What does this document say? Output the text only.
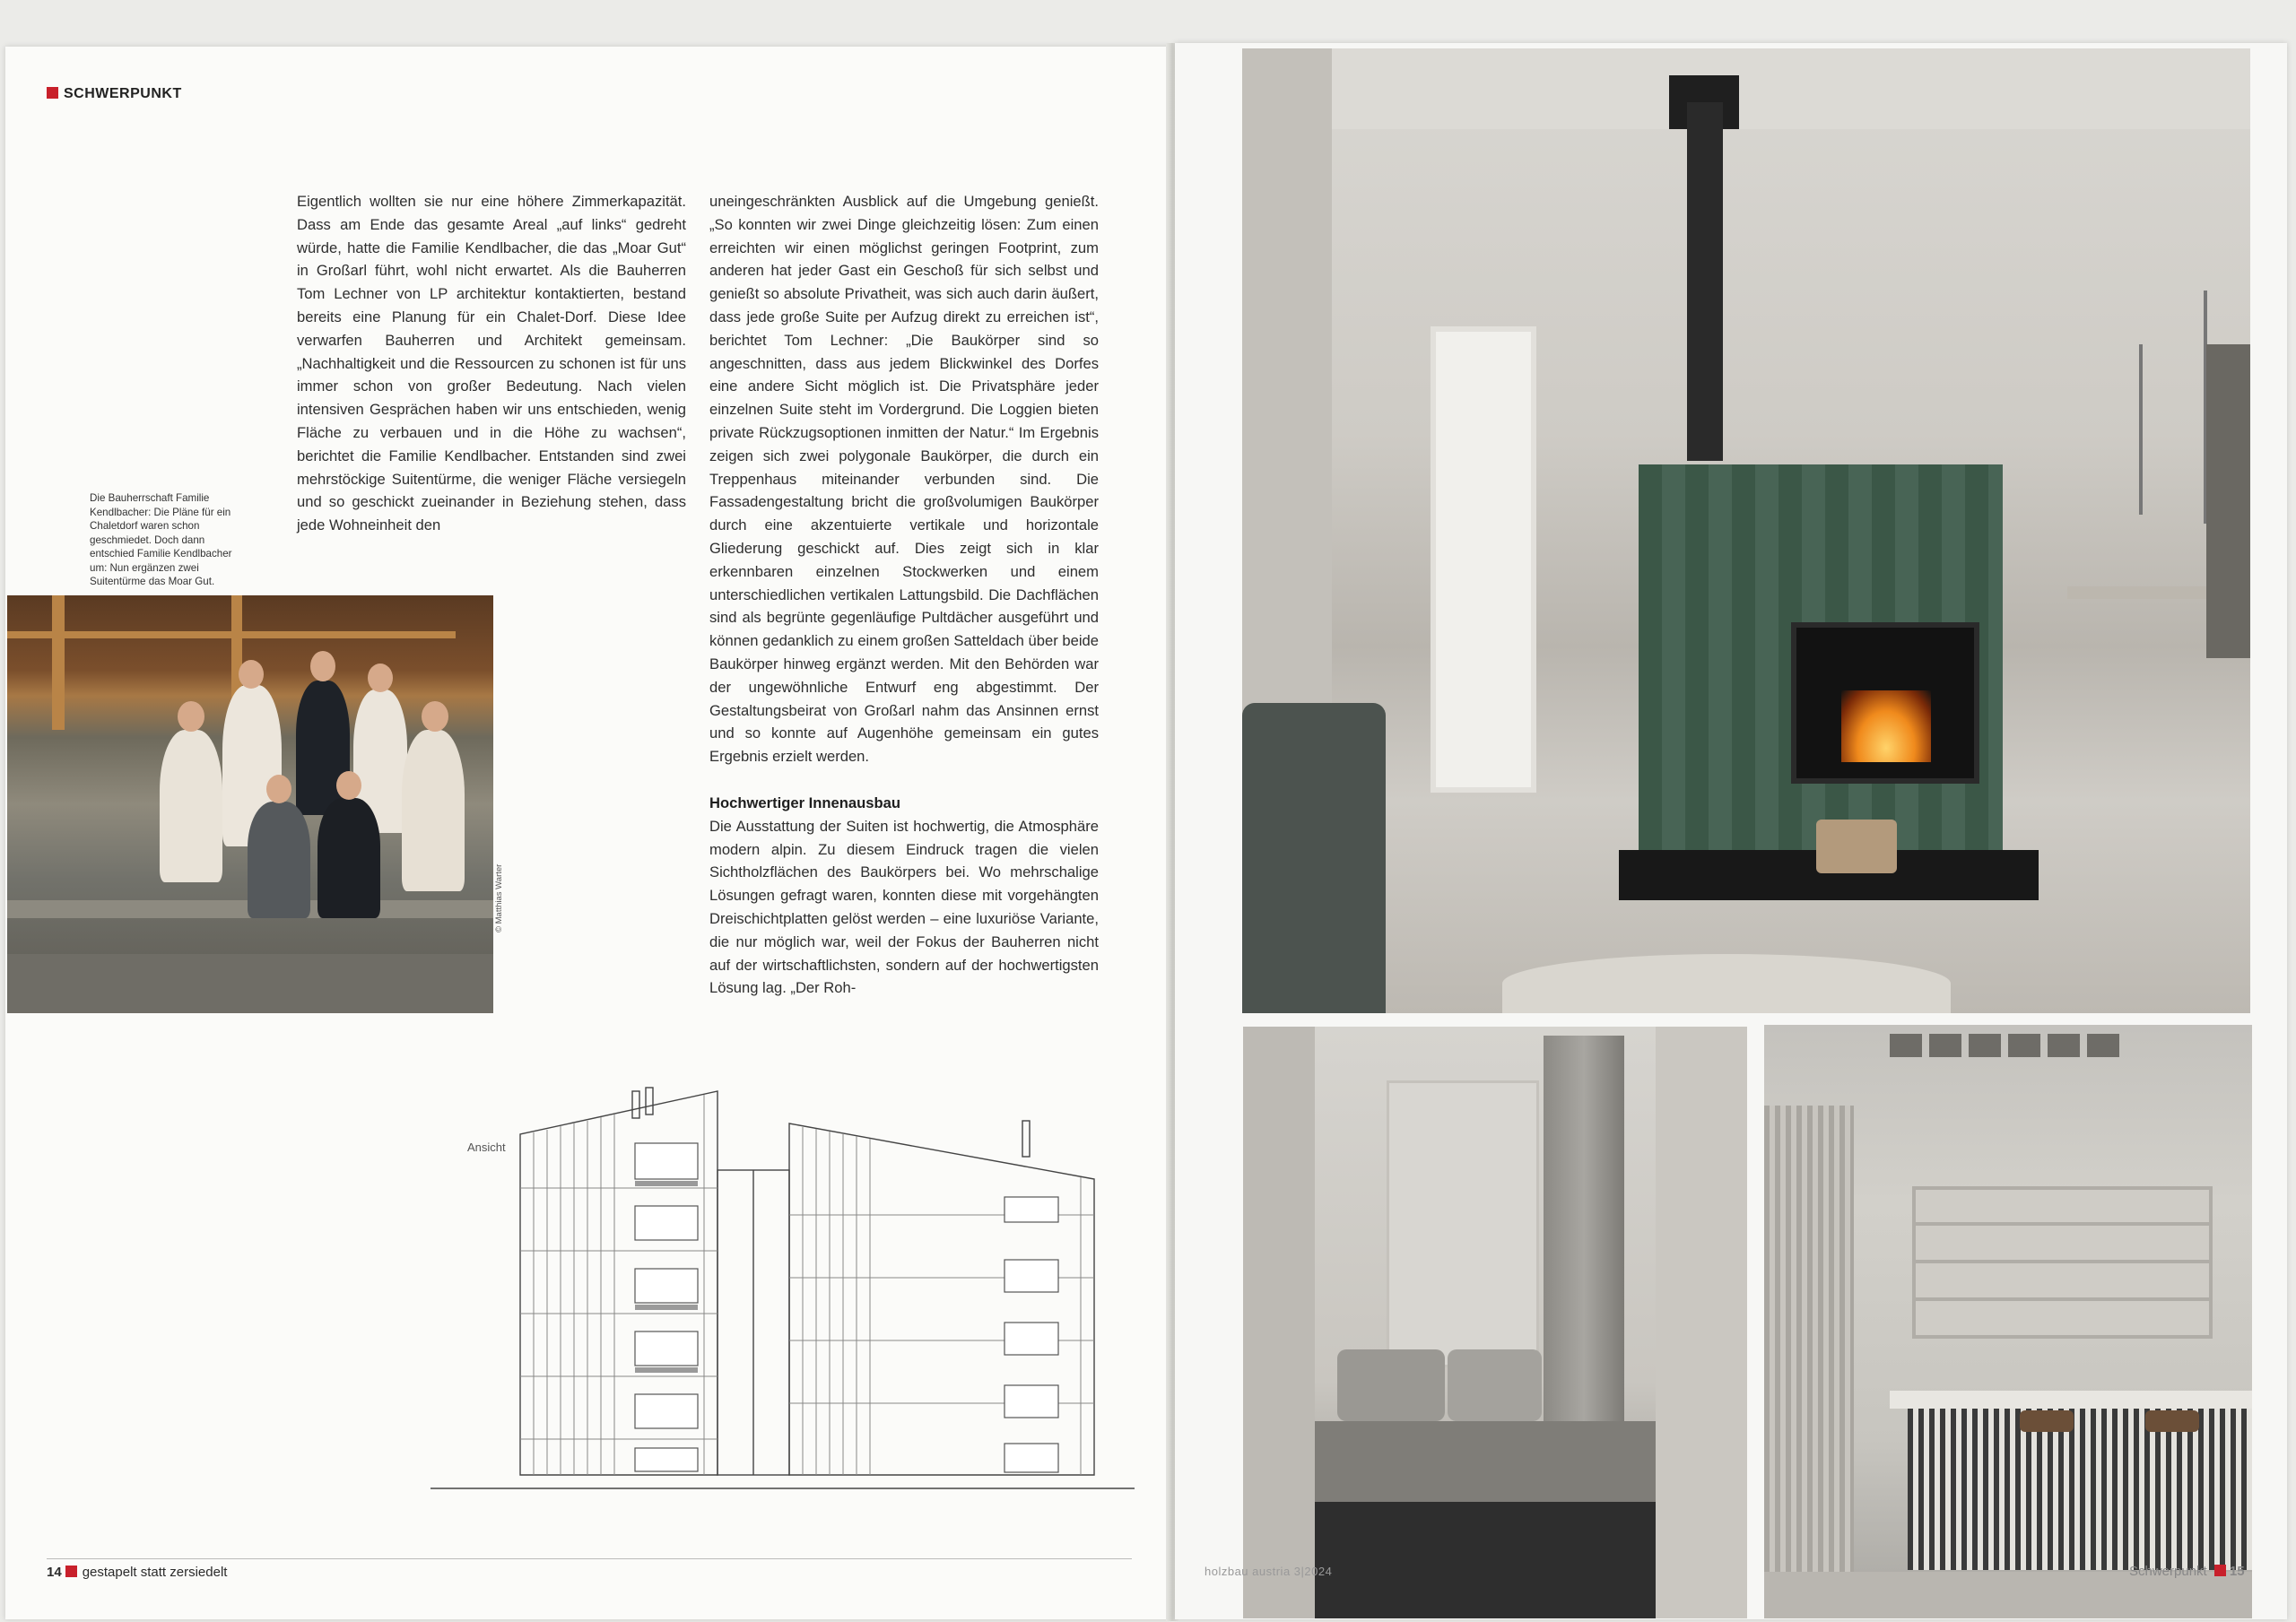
SCHWERPUNKT

Eigentlich wollten sie nur eine höhere Zimmerkapazität. Dass am Ende das gesamte Areal „auf links“ gedreht würde, hatte die Familie Kendlbacher, die das „Moar Gut“ in Großarl führt, wohl nicht erwartet. Als die Bauherren Tom Lechner von LP architektur kontaktierten, bestand bereits eine Planung für ein Chalet-Dorf. Diese Idee verwarfen Bauherren und Architekt gemeinsam. „Nachhaltigkeit und die Ressourcen zu schonen ist für uns immer schon von großer Bedeutung. Nach vielen intensiven Gesprächen haben wir uns entschieden, wenig Fläche zu verbauen und in die Höhe zu wachsen“, berichtet die Familie Kendlbacher. Entstanden sind zwei mehrstöckige Suitentürme, die weniger Fläche versiegeln und so geschickt zueinander in Beziehung stehen, dass jede Wohneinheit den

uneingeschränkten Ausblick auf die Umgebung genießt. „So konnten wir zwei Dinge gleichzeitig lösen: Zum einen erreichten wir einen möglichst geringen Footprint, zum anderen hat jeder Gast ein Geschoß für sich selbst und genießt so absolute Privatheit, was sich auch darin äußert, dass jede große Suite per Aufzug direkt zu erreichen ist“, berichtet Tom Lechner: „Die Baukörper sind so angeschnitten, dass aus jedem Blickwinkel des Dorfes eine andere Sicht möglich ist. Die Privatsphäre jeder einzelnen Suite steht im Vordergrund. Die Loggien bieten private Rückzugsoptionen inmitten der Natur.“ Im Ergebnis zeigen sich zwei polygonale Baukörper, die durch ein Treppenhaus miteinander verbunden sind. Die Fassadengestaltung bricht die großvolumigen Baukörper durch eine akzentuierte vertikale und horizontale Gliederung geschickt auf. Dies zeigt sich in klar erkennbaren einzelnen Stockwerken und einem unterschiedlichen vertikalen Lattungsbild. Die Dachflächen sind als begrünte gegenläufige Pultdächer ausgeführt und können gedanklich zu einem großen Satteldach über beide Baukörper hinweg ergänzt werden. Mit den Behörden war der ungewöhnliche Entwurf eng abgestimmt. Der Gestaltungsbeirat von Großarl nahm das Ansinnen ernst und so konnte auf Augenhöhe gemeinsam ein gutes Ergebnis erzielt werden.

Hochwertiger Innenausbau

Die Ausstattung der Suiten ist hochwertig, die Atmosphäre modern alpin. Zu diesem Eindruck tragen die vielen Sichtholzflächen des Baukörpers bei. Wo mehrschalige Lösungen gefragt waren, konnten diese mit vorgehängten Dreischichtplatten gelöst werden – eine luxuriöse Variante, die nur möglich war, weil der Fokus der Bauherren nicht auf der wirtschaftlichsten, sondern auf der hochwertigsten Lösung lag. „Der Roh-

Die Bauherrschaft Familie Kendlbacher: Die Pläne für ein Chaletdorf waren schon geschmiedet. Doch dann entschied Familie Kendlbacher um: Nun ergänzen zwei Suitentürme das Moar Gut.
© Matthias Warter
Ansicht
14 gestapelt statt zersiedelt	holzbau austria 3|2024	Schwerpunkt 15
